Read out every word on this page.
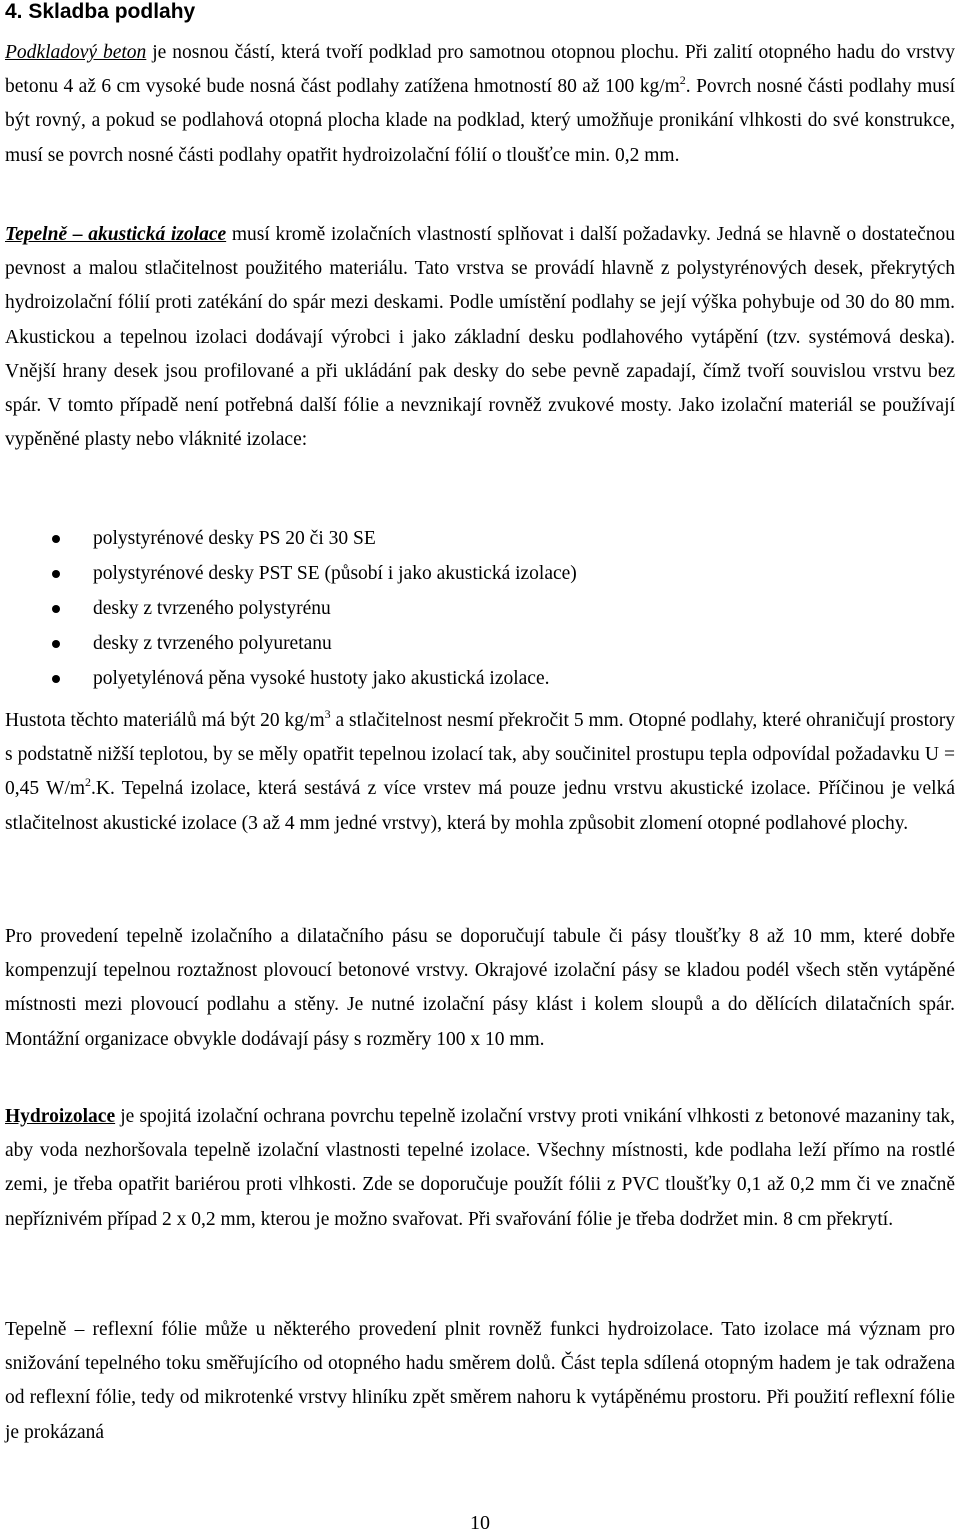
4. Skladba podlahy

Podkladový beton je nosnou částí, která tvoří podklad pro samotnou otopnou plochu. Při zalití otopného hadu do vrstvy betonu 4 až 6 cm vysoké bude nosná část podlahy zatížena hmotností 80 až 100 $kg/m^2$. Povrch nosné části podlahy musí být rovný, a pokud se podlahová otopná plocha klade na podklad, který umožňuje pronikání vlhkosti do své konstrukce, musí se povrch nosné části podlahy opatřit hydroizolační fólií o tloušťce min. 0,2 mm.

Tepelně – akustická izolace musí kromě izolačních vlastností splňovat i další požadavky. Jedná se hlavně o dostatečnou pevnost a malou stlačitelnost použitého materiálu. Tato vrstva se provádí hlavně z polystyrénových desek, překrytých hydroizolační fólií proti zatékání do spár mezi deskami. Podle umístění podlahy se její výška pohybuje od 30 do 80 mm. Akustickou a tepelnou izolaci dodávají výrobci i jako základní desku podlahového vytápění (tzv. systémová deska). Vnější hrany desek jsou profilované a při ukládání pak desky do sebe pevně zapadají, čímž tvoří souvislou vrstvu bez spár. V tomto případě není potřebná další fólie a nevznikají rovněž zvukové mosty. Jako izolační materiál se používají vypěněné plasty nebo vláknité izolace:

polystyrénové desky PS 20 či 30 SE
polystyrénové desky PST SE (působí i jako akustická izolace)
desky z tvrzeného polystyrénu
desky z tvrzeného polyuretanu
polyetylénová pěna vysoké hustoty jako akustická izolace.

Hustota těchto materiálů má být 20 $kg/m^3$ a stlačitelnost nesmí překročit 5 mm. Otopné podlahy, které ohraničují prostory s podstatně nižší teplotou, by se měly opatřit tepelnou izolací tak, aby součinitel prostupu tepla odpovídal požadavku U = 0,45 $W/m^2.K$. Tepelná izolace, která sestává z více vrstev má pouze jednu vrstvu akustické izolace. Příčinou je velká stlačitelnost akustické izolace (3 až 4 mm jedné vrstvy), která by mohla způsobit zlomení otopné podlahové plochy.

Pro provedení tepelně izolačního a dilatačního pásu se doporučují tabule či pásy tloušťky 8 až 10 mm, které dobře kompenzují tepelnou roztažnost plovoucí betonové vrstvy. Okrajové izolační pásy se kladou podél všech stěn vytápěné místnosti mezi plovoucí podlahu a stěny. Je nutné izolační pásy klást i kolem sloupů a do dělících dilatačních spár. Montážní organizace obvykle dodávají pásy s rozměry 100 x 10 mm.

Hydroizolace je spojitá izolační ochrana povrchu tepelně izolační vrstvy proti vnikání vlhkosti z betonové mazaniny tak, aby voda nezhoršovala tepelně izolační vlastnosti tepelné izolace. Všechny místnosti, kde podlaha leží přímo na rostlé zemi, je třeba opatřit bariérou proti vlhkosti. Zde se doporučuje použít fólii z PVC tloušťky 0,1 až 0,2 mm či ve značně nepříznivém případ 2 x 0,2 mm, kterou je možno svařovat. Při svařování fólie je třeba dodržet min. 8 cm překrytí.

Tepelně – reflexní fólie může u některého provedení plnit rovněž funkci hydroizolace. Tato izolace má význam pro snižování tepelného toku směřujícího od otopného hadu směrem dolů. Část tepla sdílená otopným hadem je tak odražena od reflexní fólie, tedy od mikrotenké vrstvy hliníku zpět směrem nahoru k vytápěnému prostoru. Při použití reflexní fólie je prokázaná

10
